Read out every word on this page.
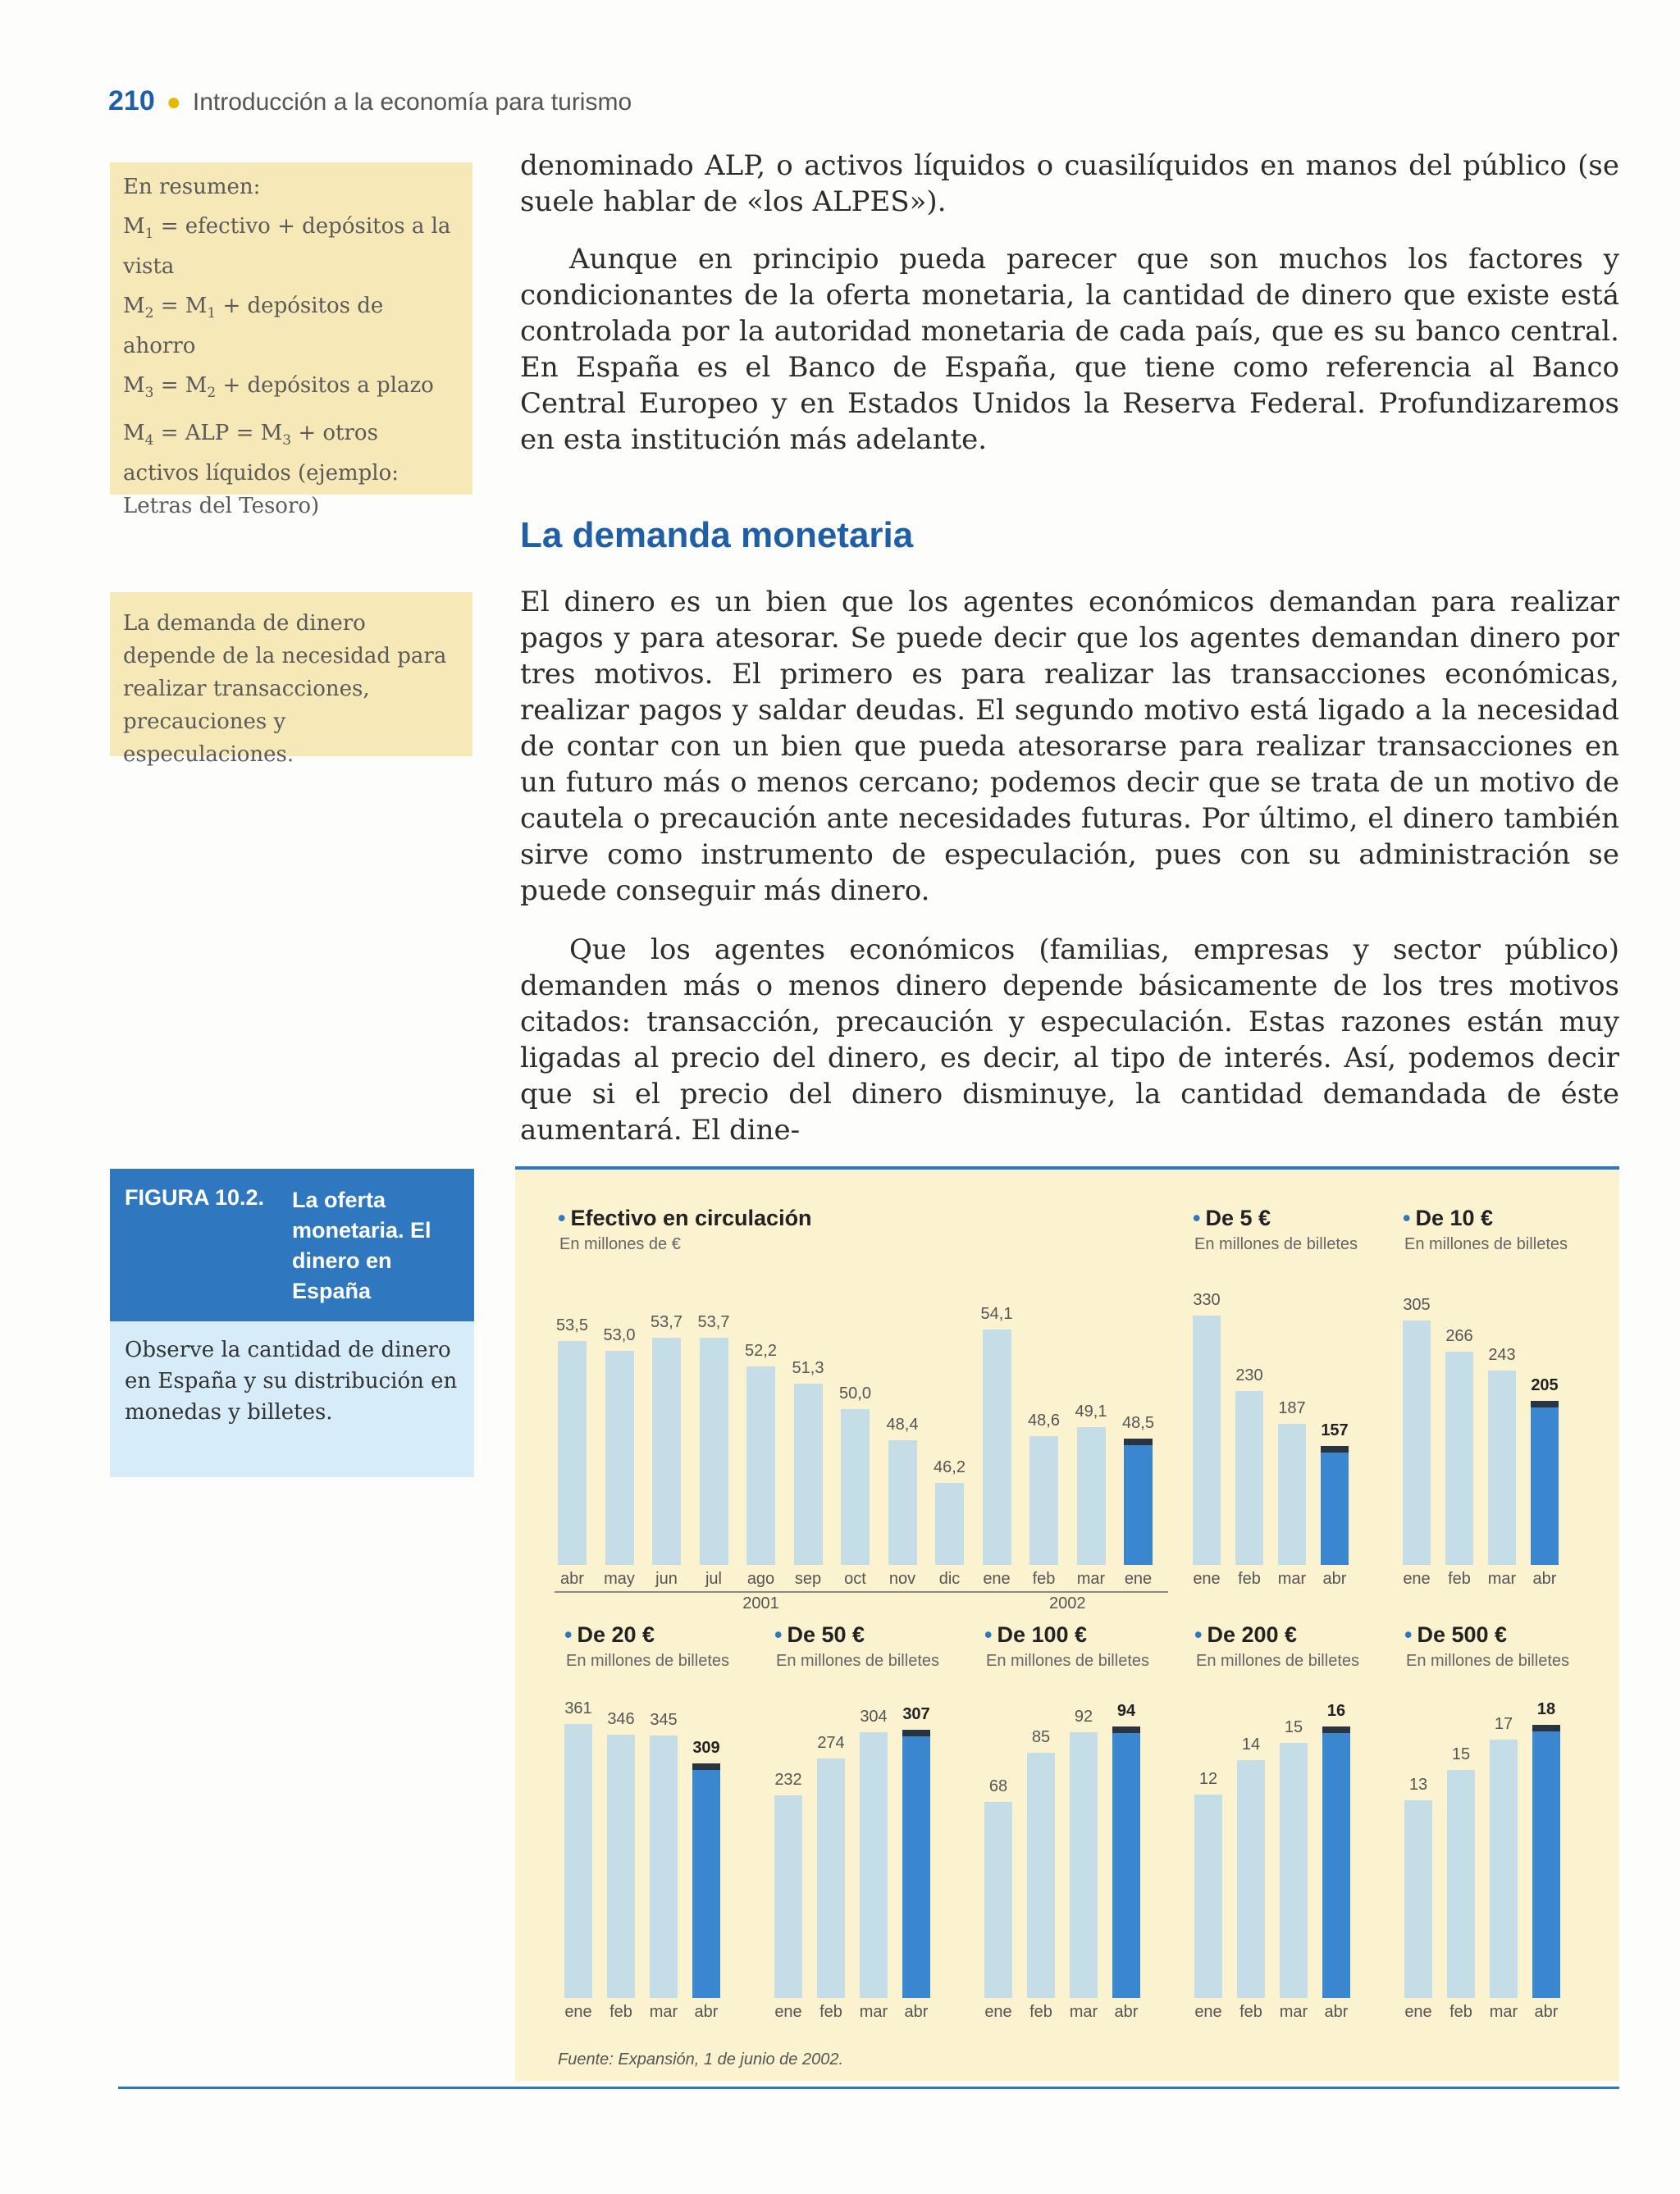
210 ● Introducción a la economía para turismo

En resumen:

$M_1$ = efectivo + depósitos a la vista

$M_2 = M_1$ + depósitos de ahorro

$M_3 = M_2$ + depósitos a plazo

$M_4$ = ALP = $M_3$ + otros activos líquidos (ejemplo: Letras del Tesoro)

La demanda de dinero depende de la necesidad para realizar transacciones, precauciones y especulaciones.

denominado ALP, o activos líquidos o cuasilíquidos en manos del público (se suele hablar de «los ALPES»).

Aunque en principio pueda parecer que son muchos los factores y condicionantes de la oferta monetaria, la cantidad de dinero que existe está controlada por la autoridad monetaria de cada país, que es su banco central. En España es el Banco de España, que tiene como referencia al Banco Central Europeo y en Estados Unidos la Reserva Federal. Profundizaremos en esta institución más adelante.

La demanda monetaria

El dinero es un bien que los agentes económicos demandan para realizar pagos y para atesorar. Se puede decir que los agentes demandan dinero por tres motivos. El primero es para realizar las transacciones económicas, realizar pagos y saldar deudas. El segundo motivo está ligado a la necesidad de contar con un bien que pueda atesorarse para realizar transacciones en un futuro más o menos cercano; podemos decir que se trata de un motivo de cautela o precaución ante necesidades futuras. Por último, el dinero también sirve como instrumento de especulación, pues con su administración se puede conseguir más dinero.

Que los agentes económicos (familias, empresas y sector público) demanden más o menos dinero depende básicamente de los tres motivos citados: transacción, precaución y especulación. Estas razones están muy ligadas al precio del dinero, es decir, al tipo de interés. Así, podemos decir que si el precio del dinero disminuye, la cantidad demandada de éste aumentará. El dine-

FIGURA 10.2. La oferta monetaria. El dinero en España
Observe la cantidad de dinero en España y su distribución en monedas y billetes.
• Efectivo en circulación
En millones de €
53,5
abr
53,0
may
53,7
jun
53,7
jul
52,2
ago
51,3
sep
50,0
oct
48,4
nov
46,2
dic
54,1
ene
48,6
feb
49,1
mar
48,5
ene
2001	2002
• De 5 €
En millones de billetes
330
ene
230
feb
187
mar
157
abr
• De 10 €
En millones de billetes
305
ene
266
feb
243
mar
205
abr
• De 20 €
En millones de billetes
361
ene
346
feb
345
mar
309
abr
• De 50 €
En millones de billetes
232
ene
274
feb
304
mar
307
abr
• De 100 €
En millones de billetes
68
ene
85
feb
92
mar
94
abr
• De 200 €
En millones de billetes
12
ene
14
feb
15
mar
16
abr
• De 500 €
En millones de billetes
13
ene
15
feb
17
mar
18
abr
Fuente: Expansión, 1 de junio de 2002.
